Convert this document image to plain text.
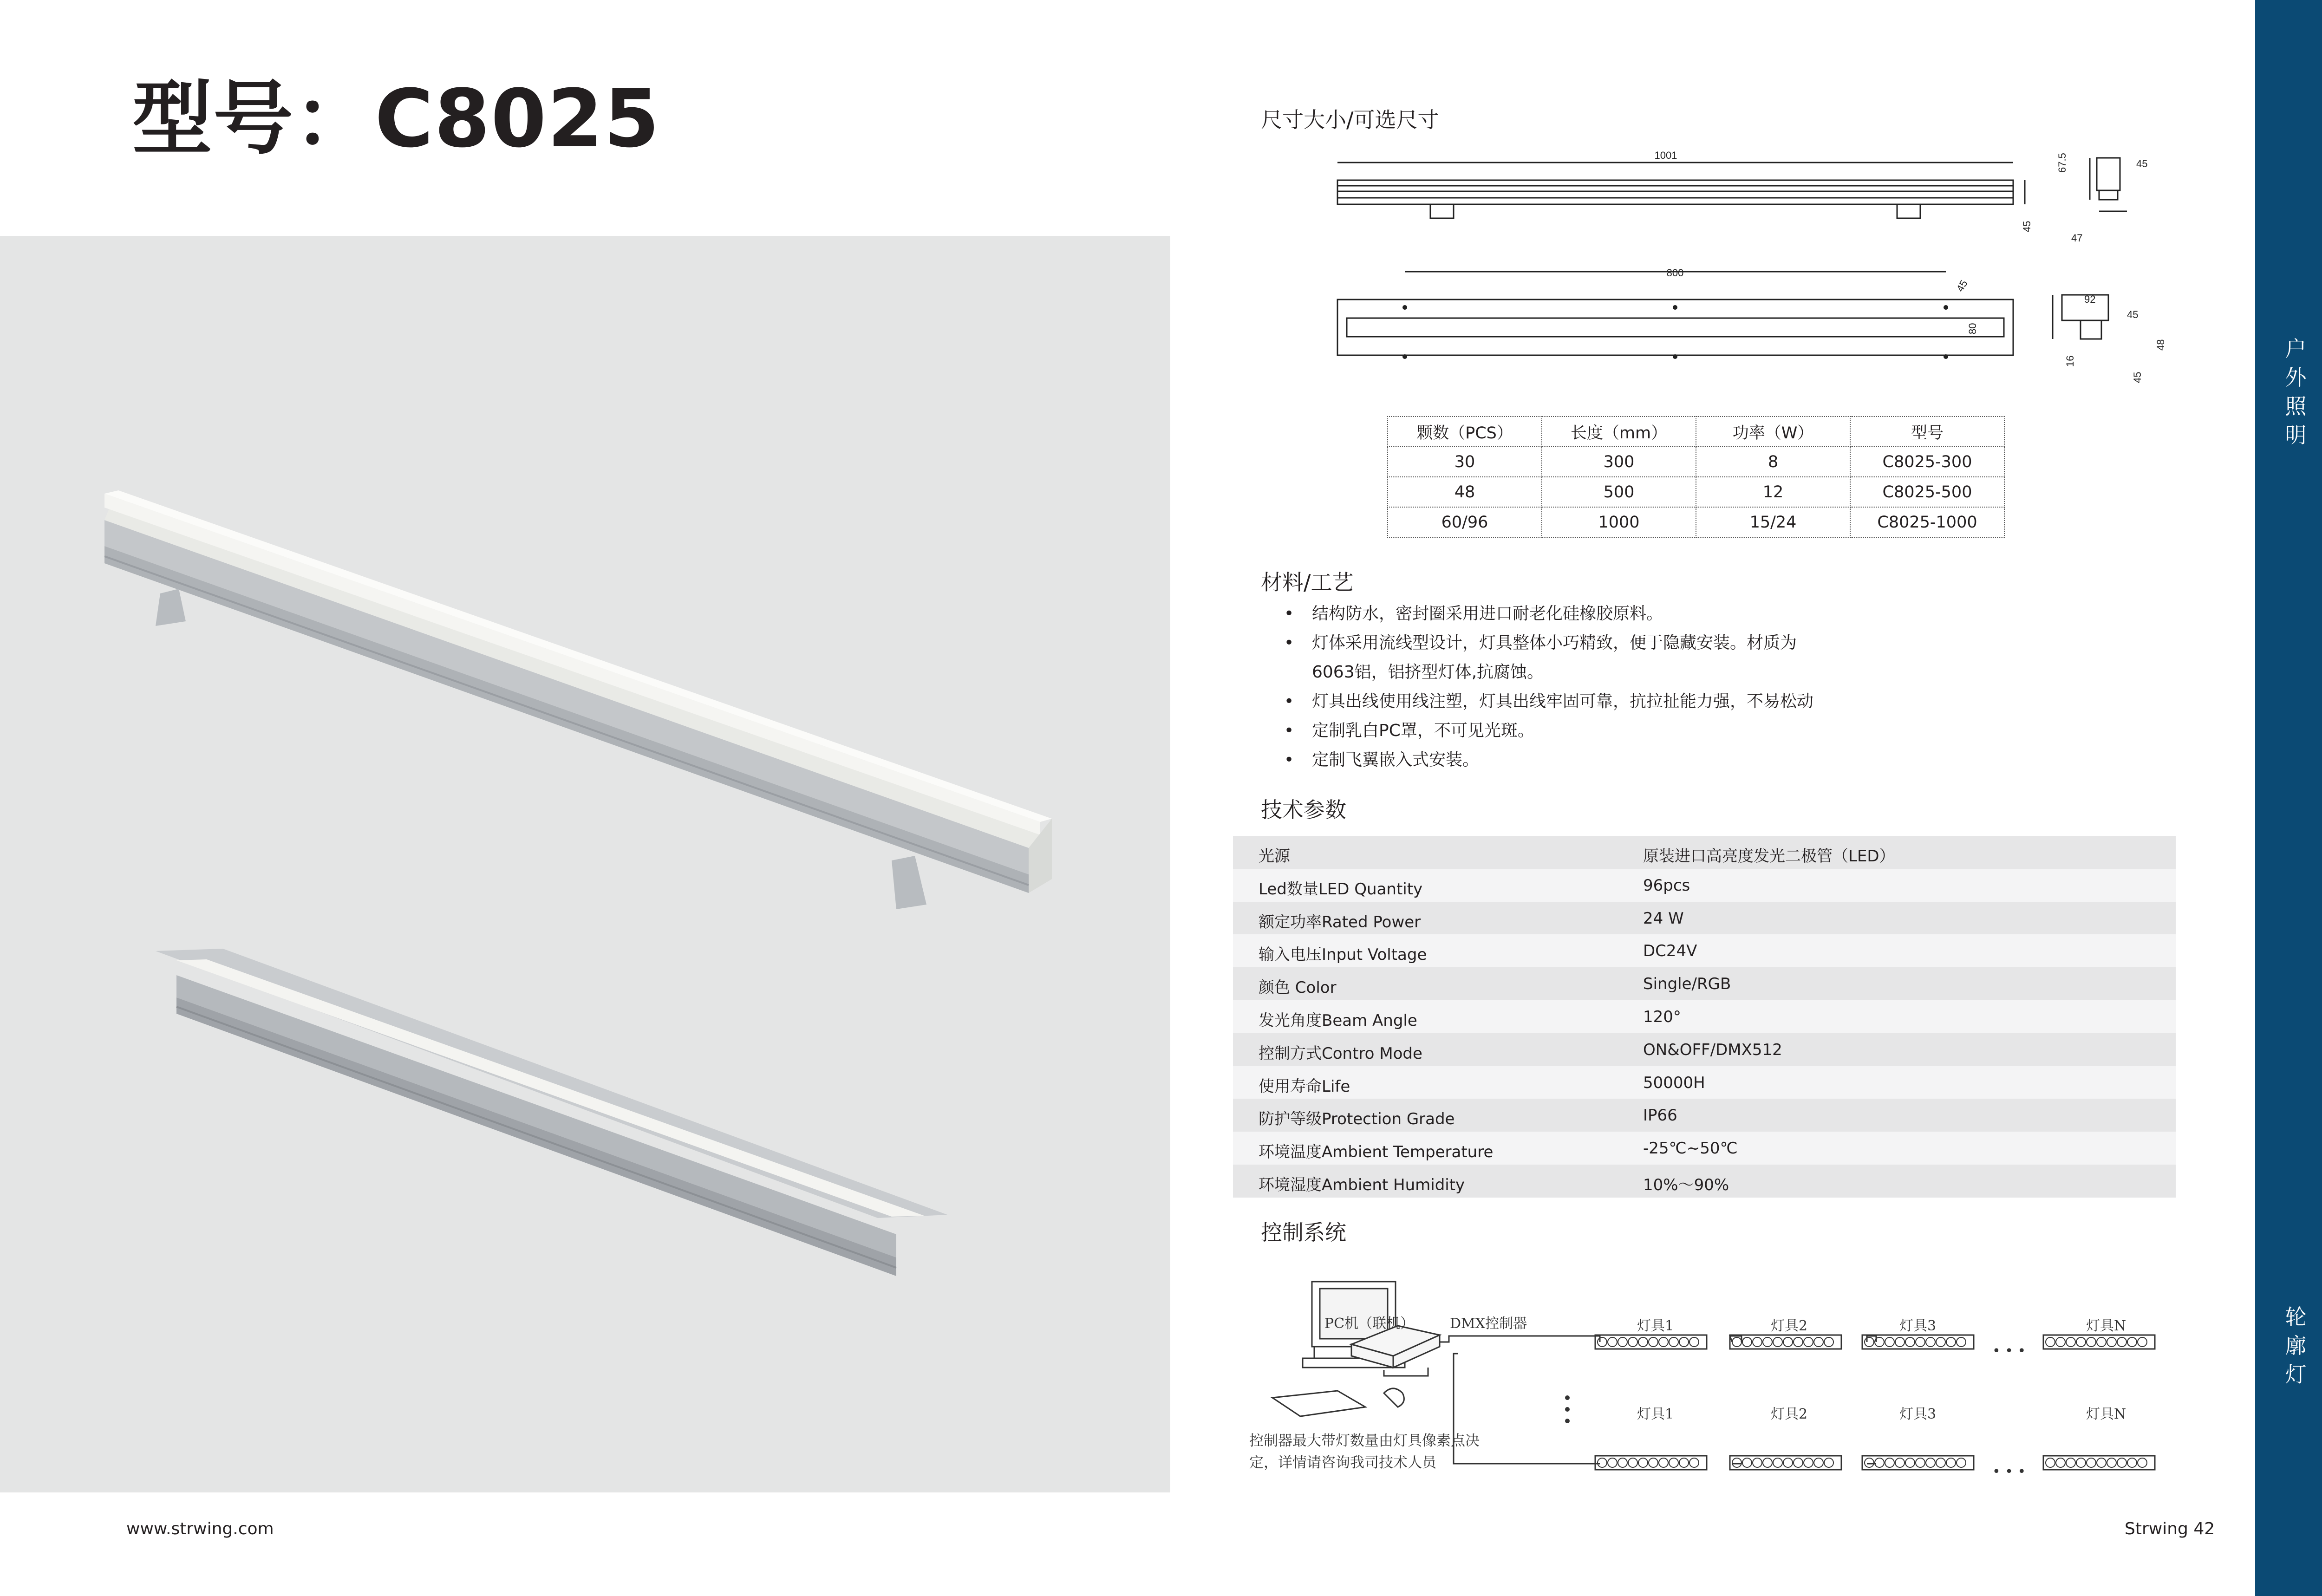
型号：C8025
户外照明
轮廓灯
尺寸大小/可选尺寸
1001	67.5	45
45
47
800
45
80
92
45
48
16
45
颗数（PCS）	长度（mm）	功率（W）	型号
30	300	8	C8025-300
48	500	12	C8025-500
60/96	1000	15/24	C8025-1000
材料/工艺
• 结构防水，密封圈采用进口耐老化硅橡胶原料。
• 灯体采用流线型设计，灯具整体小巧精致，便于隐藏安装。材质为
6063铝，铝挤型灯体,抗腐蚀。
• 灯具出线使用线注塑，灯具出线牢固可靠，抗拉扯能力强，不易松动
• 定制乳白PC罩，不可见光斑。
• 定制飞翼嵌入式安装。
技术参数
光源	原装进口高亮度发光二极管（LED）
Led数量LED Quantity	96pcs
额定功率Rated Power	24 W
输入电压Input Voltage	DC24V
颜色 Color	Single/RGB
发光角度Beam Angle	120°
控制方式Contro Mode	ON&OFF/DMX512
使用寿命Life	50000H
防护等级Protection Grade	IP66
环境温度Ambient Temperature	-25℃~50℃
环境湿度Ambient Humidity	10%～90%
控制系统
PC机（联机）	DMX控制器	灯具1	灯具2	灯具3	灯具N
• • •
灯具1	灯具2	灯具3	灯具N
• • •
控制器最大带灯数量由灯具像素点决
定，详情请咨询我司技术人员
www.strwing.com	Strwing 42
